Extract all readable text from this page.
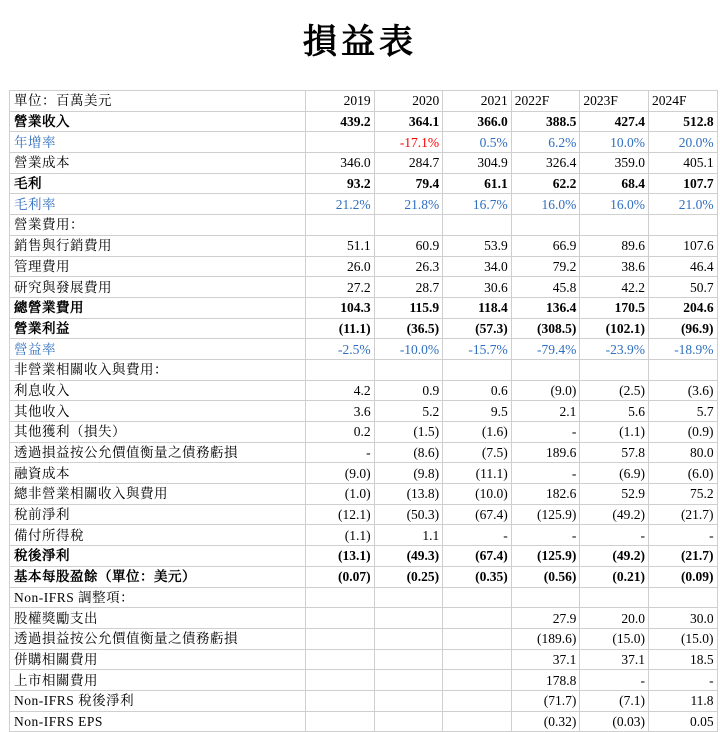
損益表
單位：百萬美元	2019	2020	2021	2022F	2023F	2024F
營業收入	439.2	364.1	366.0	388.5	427.4	512.8
年增率		-17.1%	0.5%	6.2%	10.0%	20.0%
營業成本	346.0	284.7	304.9	326.4	359.0	405.1
毛利	93.2	79.4	61.1	62.2	68.4	107.7
毛利率	21.2%	21.8%	16.7%	16.0%	16.0%	21.0%
營業費用：						
銷售與行銷費用	51.1	60.9	53.9	66.9	89.6	107.6
管理費用	26.0	26.3	34.0	79.2	38.6	46.4
研究與發展費用	27.2	28.7	30.6	45.8	42.2	50.7
總營業費用	104.3	115.9	118.4	136.4	170.5	204.6
營業利益	(11.1)	(36.5)	(57.3)	(308.5)	(102.1)	(96.9)
營益率	-2.5%	-10.0%	-15.7%	-79.4%	-23.9%	-18.9%
非營業相關收入與費用：						
利息收入	4.2	0.9	0.6	(9.0)	(2.5)	(3.6)
其他收入	3.6	5.2	9.5	2.1	5.6	5.7
其他獲利（損失）	0.2	(1.5)	(1.6)	-	(1.1)	(0.9)
透過損益按公允價值衡量之債務虧損	-	(8.6)	(7.5)	189.6	57.8	80.0
融資成本	(9.0)	(9.8)	(11.1)	-	(6.9)	(6.0)
總非營業相關收入與費用	(1.0)	(13.8)	(10.0)	182.6	52.9	75.2
稅前淨利	(12.1)	(50.3)	(67.4)	(125.9)	(49.2)	(21.7)
備付所得稅	(1.1)	1.1	-	-	-	-
稅後淨利	(13.1)	(49.3)	(67.4)	(125.9)	(49.2)	(21.7)
基本每股盈餘（單位：美元）	(0.07)	(0.25)	(0.35)	(0.56)	(0.21)	(0.09)
Non-IFRS 調整項：						
股權獎勵支出				27.9	20.0	30.0
透過損益按公允價值衡量之債務虧損				(189.6)	(15.0)	(15.0)
併購相關費用				37.1	37.1	18.5
上市相關費用				178.8	-	-
Non-IFRS 稅後淨利				(71.7)	(7.1)	11.8
Non-IFRS EPS				(0.32)	(0.03)	0.05
